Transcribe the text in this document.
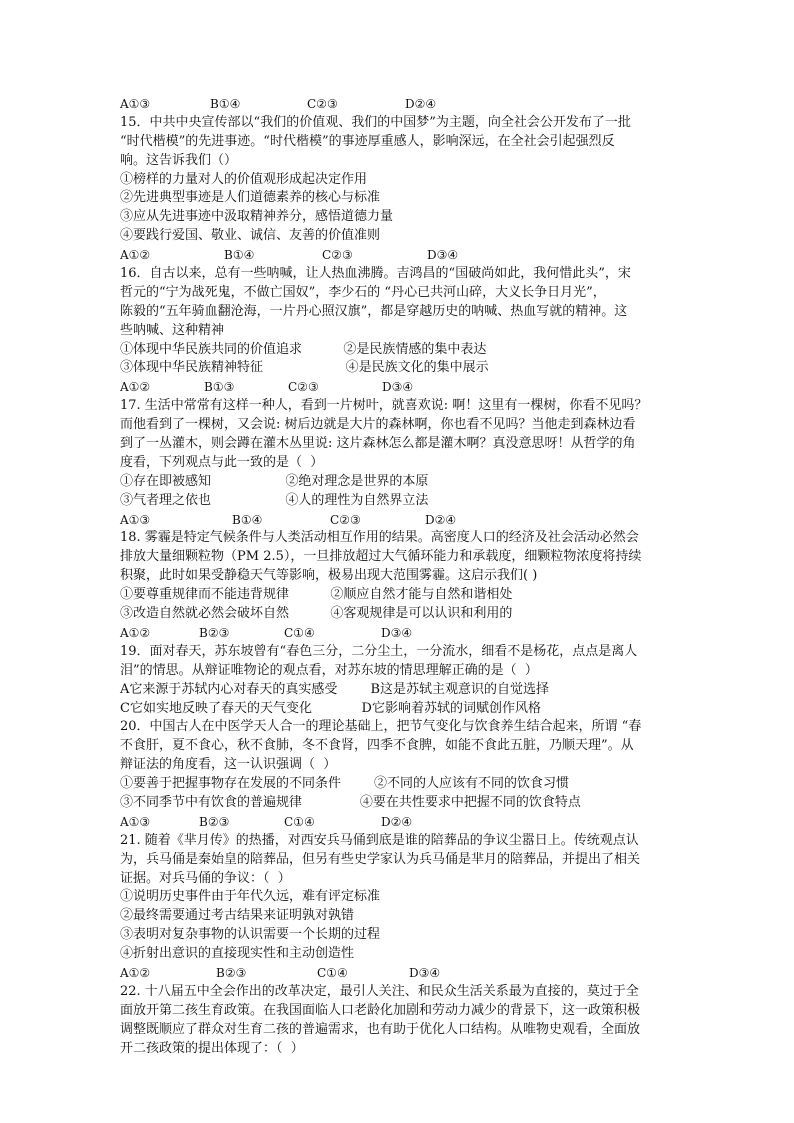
A①③	B①④	C②③	D②④
15．中共中央宣传部以“我们的价值观、我们的中国梦”为主题，向全社会公开发布了一批
“时代楷模”的先进事迹。“时代楷模”的事迹厚重感人，影响深远，在全社会引起强烈反
响。这告诉我们（）
①榜样的力量对人的价值观形成起决定作用
②先进典型事迹是人们道德素养的核心与标准
③应从先进事迹中汲取精神养分，感悟道德力量
④要践行爱国、敬业、诚信、友善的价值准则
A①②	B①④	C②③	D③④
16．自古以来，总有一些呐喊，让人热血沸腾。吉鸿昌的“国破尚如此，我何惜此头”，宋
哲元的“宁为战死鬼，不做亡国奴”，李少石的 “丹心已共河山碎，大义长争日月光”，
陈毅的“五年骑血翻沧海，一片丹心照汉旗”，都是穿越历史的呐喊、热血写就的精神。这
些呐喊、这种精神
①体现中华民族共同的价值追求          ②是民族情感的集中表达
③体现中华民族精神特征                    ④是民族文化的集中展示
A①②	B①③	C②③	D③④
17. 生活中常常有这样一种人，看到一片树叶，就喜欢说: 啊！这里有一棵树，你看不见吗？
而他看到了一棵树，又会说: 树后边就是大片的森林啊，你也看不见吗？当他走到森林边看
到了一丛灌木，则会蹲在灌木丛里说: 这片森林怎么都是灌木啊？真没意思呀！从哲学的角
度看，下列观点与此一致的是（  ）
①存在即被感知                  ②绝对理念是世界的本原
③气者理之依也                  ④人的理性为自然界立法
A①③	B①④	C②③	D②④
18. 雾霾是特定气候条件与人类活动相互作用的结果。高密度人口的经济及社会活动必然会
排放大量细颗粒物（PM 2.5），一旦排放超过大气循环能力和承载度，细颗粒物浓度将持续
积聚，此时如果受静稳天气等影响，极易出现大范围雾霾。这启示我们( )
①要尊重规律而不能违背规律          ②顺应自然才能与自然和谐相处
③改造自然就必然会破坏自然          ④客观规律是可以认识和利用的
A①②	B②③	C①④	D③④
19．面对春天，苏东坡曾有“春色三分，二分尘土，一分流水，细看不是杨花，点点是离人
泪”的情思。从辩证唯物论的观点看，对苏东坡的情思理解正确的是（  ）
A它来源于苏轼内心对春天的真实感受        B这是苏轼主观意识的自觉选择
C它如实地反映了春天的天气变化            D它影响着苏轼的词赋创作风格
20．中国古人在中医学天人合一的理论基础上，把节气变化与饮食养生结合起来，所谓 “春
不食肝，夏不食心，秋不食肺，冬不食肾，四季不食脾，如能不食此五脏，乃顺天理”。从
辩证法的角度看，这一认识强调（  ）
①要善于把握事物存在发展的不同条件        ②不同的人应该有不同的饮食习惯
③不同季节中有饮食的普遍规律              ④要在共性要求中把握不同的饮食特点
A①③	B②③	C①④	D②④
21. 随着《芈月传》的热播，对西安兵马俑到底是谁的陪葬品的争议尘嚣日上。传统观点认
为，兵马俑是秦始皇的陪葬品，但另有些史学家认为兵马俑是芈月的陪葬品，并提出了相关
证据。对兵马俑的争议：（  ）
①说明历史事件由于年代久远，难有评定标准
②最终需要通过考古结果来证明孰对孰错
③表明对复杂事物的认识需要一个长期的过程
④折射出意识的直接现实性和主动创造性
A①②	B②③	C①④	D③④
22. 十八届五中全会作出的改革决定，最引人关注、和民众生活关系最为直接的，莫过于全
面放开第二孩生育政策。在我国面临人口老龄化加剧和劳动力减少的背景下，这一政策积极
调整既顺应了群众对生育二孩的普遍需求，也有助于优化人口结构。从唯物史观看，全面放
开二孩政策的提出体现了：（  ）
